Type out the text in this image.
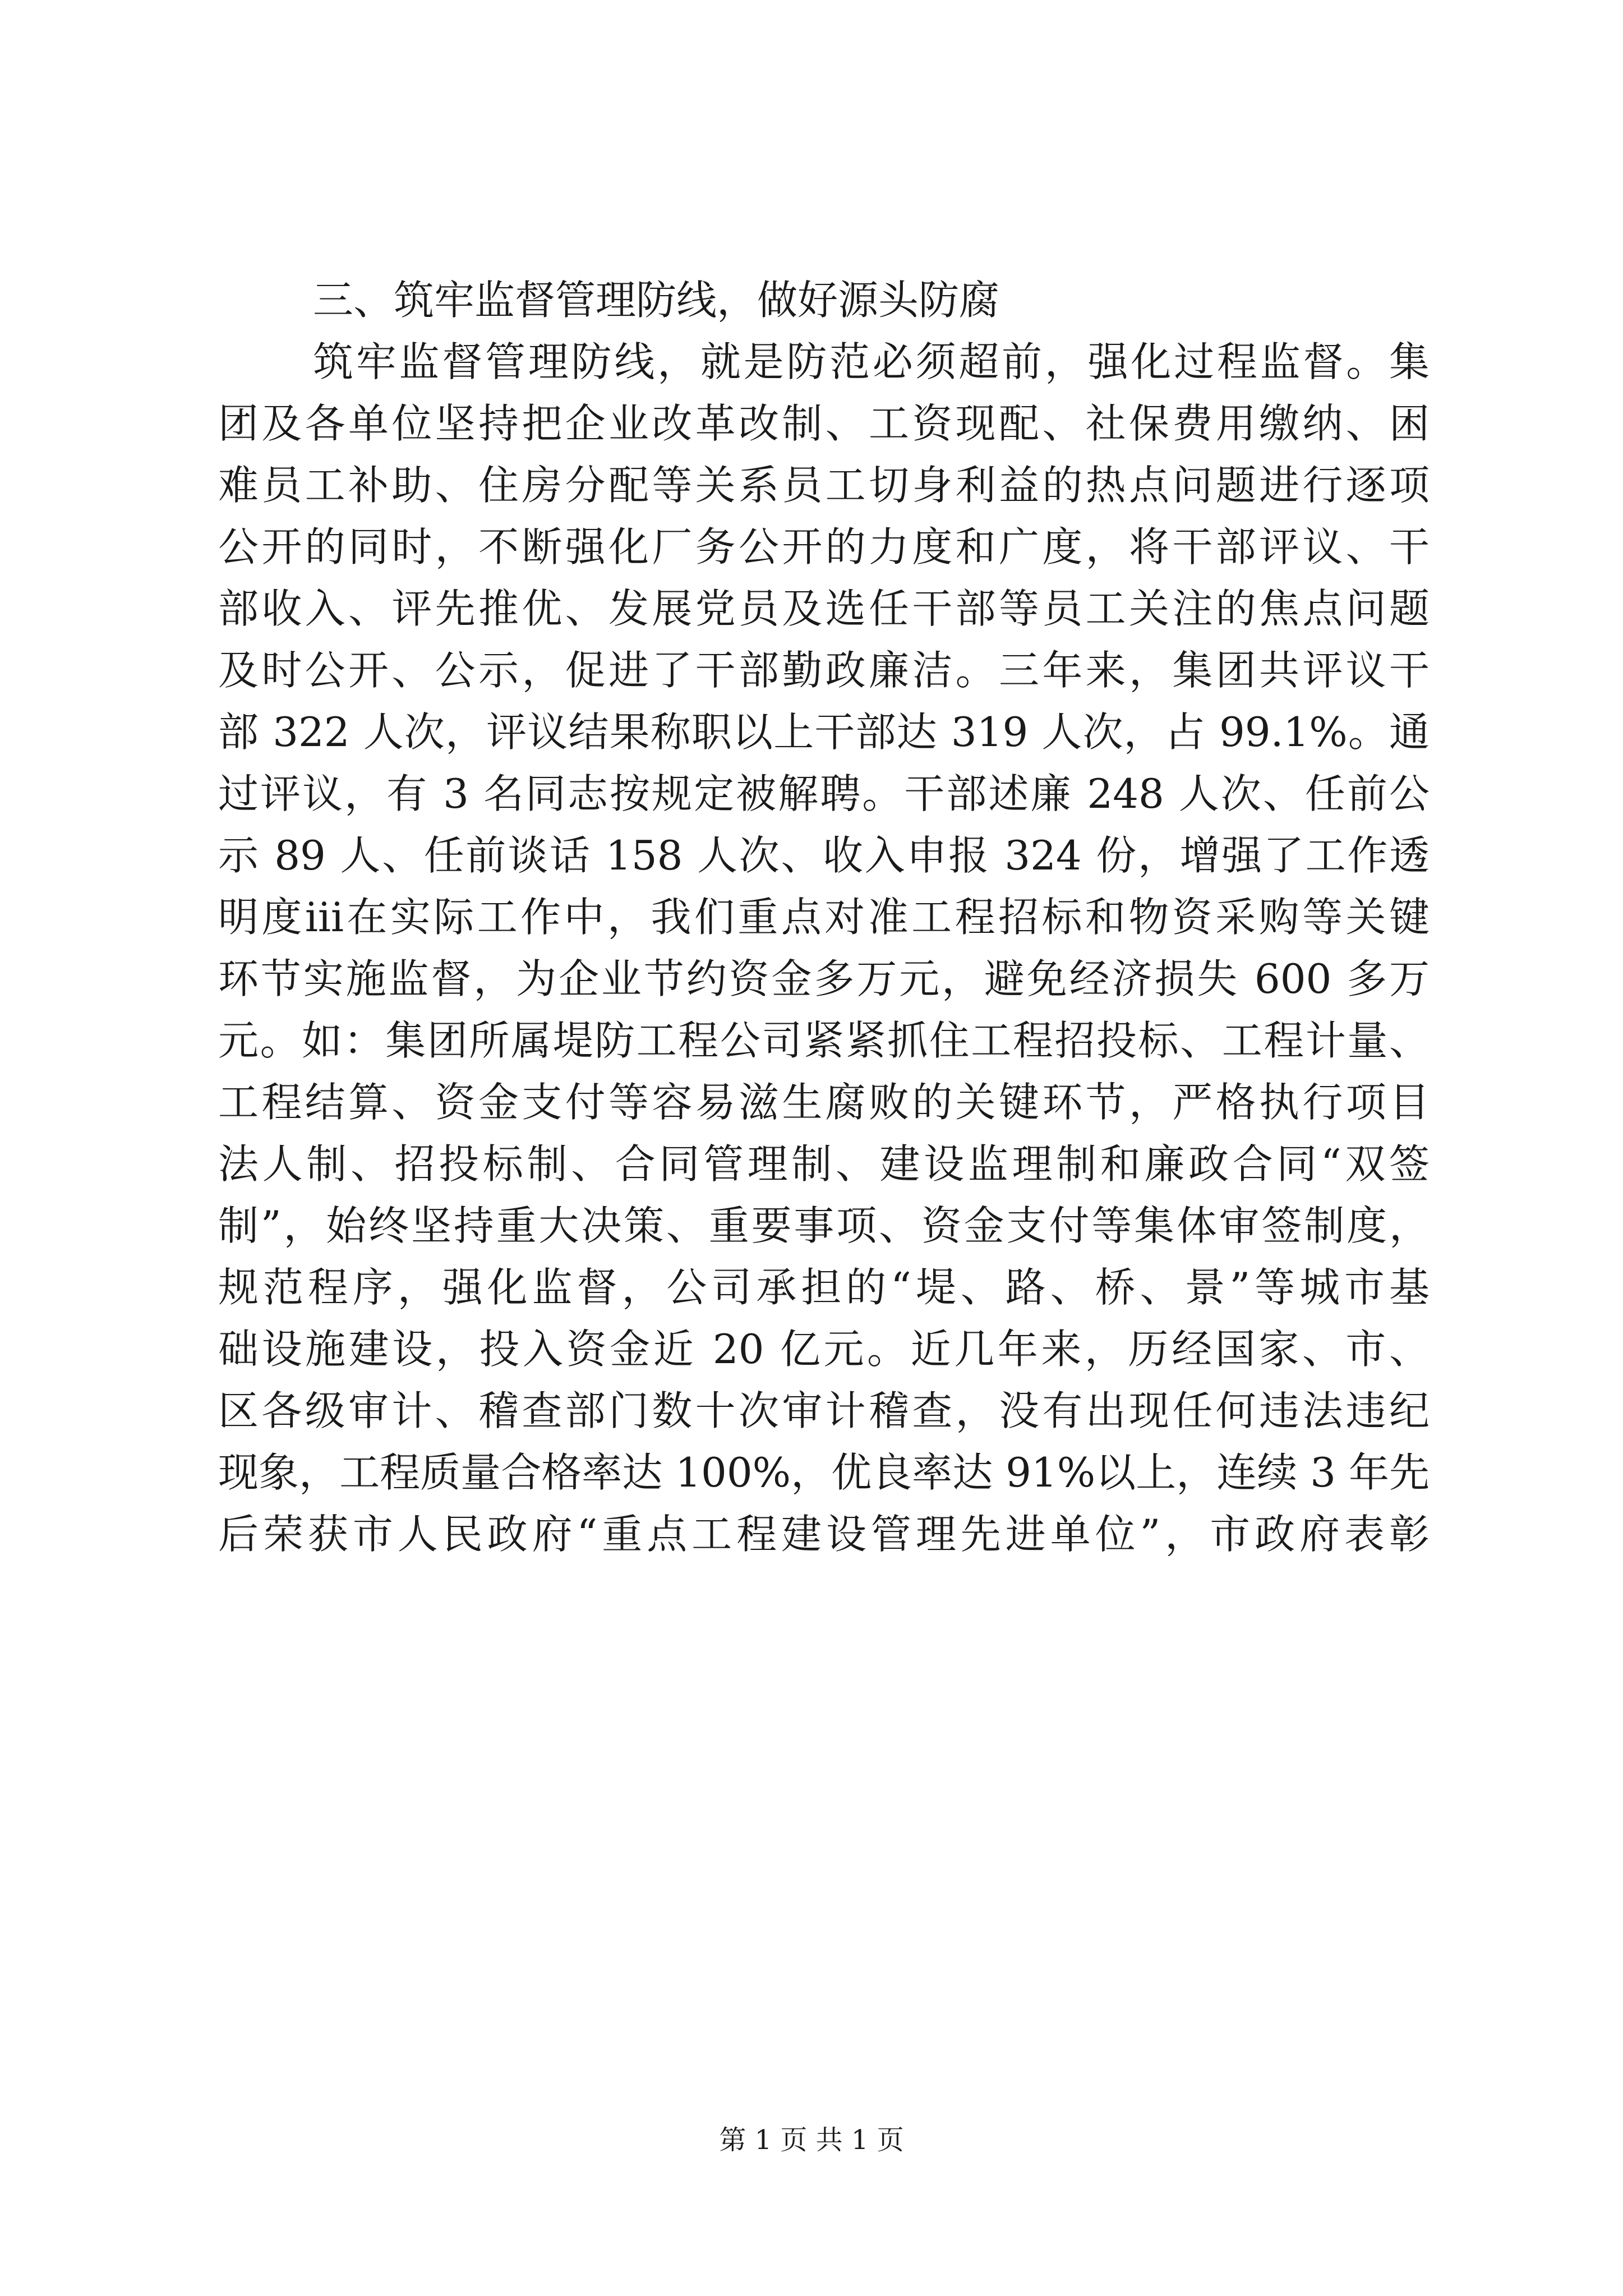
三、筑牢监督管理防线，做好源头防腐
筑牢监督管理防线，就是防范必须超前，强化过程监督。集
团及各单位坚持把企业改革改制、工资现配、社保费用缴纳、困
难员工补助、住房分配等关系员工切身利益的热点问题进行逐项
公开的同时，不断强化厂务公开的力度和广度，将干部评议、干
部收入、评先推优、发展党员及选任干部等员工关注的焦点问题
及时公开、公示，促进了干部勤政廉洁。三年来，集团共评议干
部 322 人次，评议结果称职以上干部达 319 人次，占 99.1%。通
过评议，有 3 名同志按规定被解聘。干部述廉 248 人次、任前公
示 89 人、任前谈话 158 人次、收入申报 324 份，增强了工作透
明度ⅲ在实际工作中，我们重点对准工程招标和物资采购等关键
环节实施监督，为企业节约资金多万元，避免经济损失 600 多万
元。如：集团所属堤防工程公司紧紧抓住工程招投标、工程计量、
工程结算、资金支付等容易滋生腐败的关键环节，严格执行项目
法人制、招投标制、合同管理制、建设监理制和廉政合同“双签
制”，始终坚持重大决策、重要事项、资金支付等集体审签制度，
规范程序，强化监督，公司承担的“堤、路、桥、景”等城市基
础设施建设，投入资金近 20 亿元。近几年来，历经国家、市、
区各级审计、稽查部门数十次审计稽查，没有出现任何违法违纪
现象，工程质量合格率达 100%，优良率达 91%以上，连续 3 年先
后荣获市人民政府“重点工程建设管理先进单位”，市政府表彰
第 1 页 共 1 页
